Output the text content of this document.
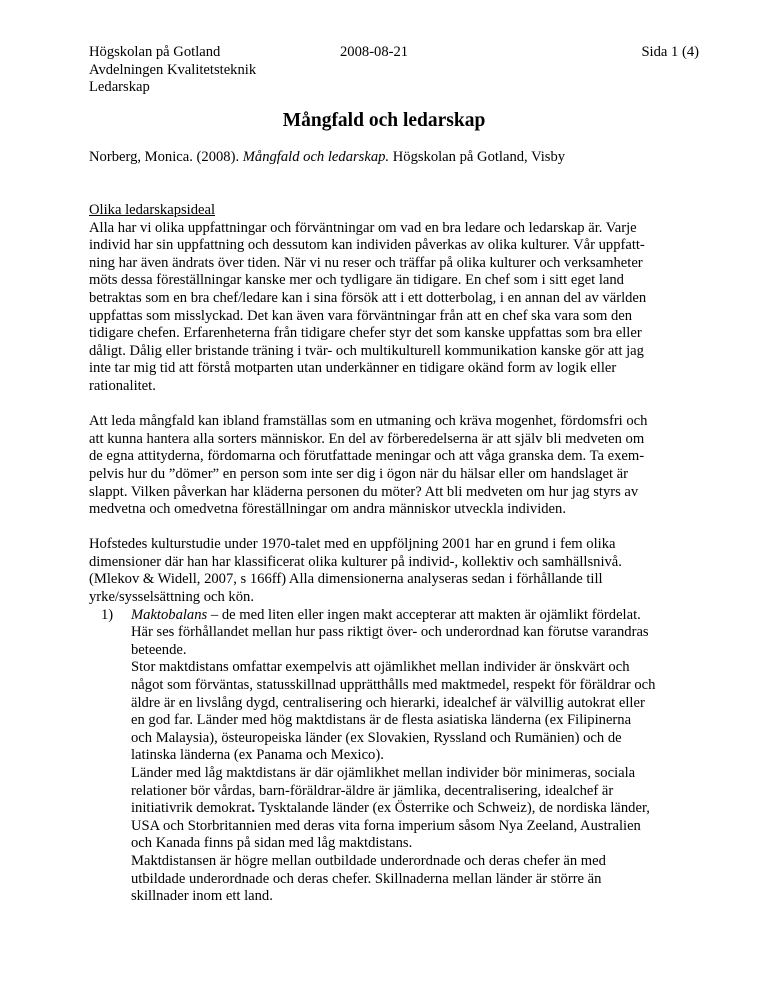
Högskolan på Gotland
Avdelningen Kvalitetsteknik
Ledarskap
2008-08-21	Sida 1 (4)
Mångfald och ledarskap
Norberg, Monica. (2008). Mångfald och ledarskap. Högskolan på Gotland, Visby
Olika ledarskapsideal

Alla har vi olika uppfattningar och förväntningar om vad en bra ledare och ledarskap är. Varje
individ har sin uppfattning och dessutom kan individen påverkas av olika kulturer. Vår uppfatt-
ning har även ändrats över tiden. När vi nu reser och träffar på olika kulturer och verksamheter
möts dessa föreställningar kanske mer och tydligare än tidigare. En chef som i sitt eget land
betraktas som en bra chef/ledare kan i sina försök att i ett dotterbolag, i en annan del av världen
uppfattas som misslyckad. Det kan även vara förväntningar från att en chef ska vara som den
tidigare chefen. Erfarenheterna från tidigare chefer styr det som kanske uppfattas som bra eller
dåligt. Dålig eller bristande träning i tvär- och multikulturell kommunikation kanske gör att jag
inte tar mig tid att förstå motparten utan underkänner en tidigare okänd form av logik eller
rationalitet.

Att leda mångfald kan ibland framställas som en utmaning och kräva mogenhet, fördomsfri och
att kunna hantera alla sorters människor. En del av förberedelserna är att själv bli medveten om
de egna attityderna, fördomarna och förutfattade meningar och att våga granska dem. Ta exem-
pelvis hur du ”dömer” en person som inte ser dig i ögon när du hälsar eller om handslaget är
slappt. Vilken påverkan har kläderna personen du möter? Att bli medveten om hur jag styrs av
medvetna och omedvetna föreställningar om andra människor utveckla individen.

Hofstedes kulturstudie under 1970-talet med en uppföljning 2001 har en grund i fem olika
dimensioner där han har klassificerat olika kulturer på individ-, kollektiv och samhällsnivå.
(Mlekov & Widell, 2007, s 166ff) Alla dimensionerna analyseras sedan i förhållande till
yrke/sysselsättning och kön.

1) Maktobalans – de med liten eller ingen makt accepterar att makten är ojämlikt fördelat.
Här ses förhållandet mellan hur pass riktigt över- och underordnad kan förutse varandras
beteende.
Stor maktdistans omfattar exempelvis att ojämlikhet mellan individer är önskvärt och
något som förväntas, statusskillnad upprätthålls med maktmedel, respekt för föräldrar och
äldre är en livslång dygd, centralisering och hierarki, idealchef är välvillig autokrat eller
en god far. Länder med hög maktdistans är de flesta asiatiska länderna (ex Filipinerna
och Malaysia), östeuropeiska länder (ex Slovakien, Ryssland och Rumänien) och de
latinska länderna (ex Panama och Mexico).
Länder med låg maktdistans är där ojämlikhet mellan individer bör minimeras, sociala
relationer bör vårdas, barn-föräldrar-äldre är jämlika, decentralisering, idealchef är
initiativrik demokrat. Tysktalande länder (ex Österrike och Schweiz), de nordiska länder,
USA och Storbritannien med deras vita forna imperium såsom Nya Zeeland, Australien
och Kanada finns på sidan med låg maktdistans.
Maktdistansen är högre mellan outbildade underordnade och deras chefer än med
utbildade underordnade och deras chefer. Skillnaderna mellan länder är större än
skillnader inom ett land.
